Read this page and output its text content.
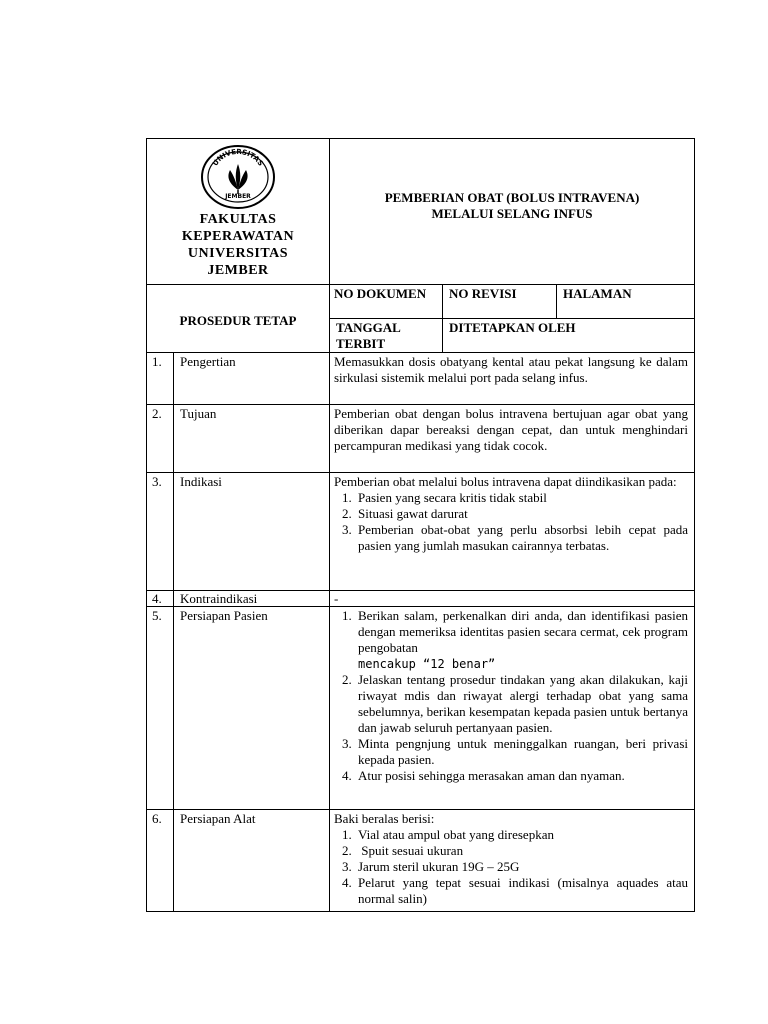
UNIVERSITAS
JEMBER
FAKULTAS
KEPERAWATAN
UNIVERSITAS
JEMBER
PEMBERIAN OBAT (BOLUS INTRAVENA)
MELALUI SELANG INFUS
PROSEDUR TETAP
NO DOKUMEN	NO REVISI	HALAMAN
TANGGAL TERBIT
DITETAPKAN OLEH
1. Pengertian	Memasukkan dosis obatyang kental atau pekat langsung ke dalam sirkulasi sistemik melalui port pada selang infus.
2. Tujuan	Pemberian obat dengan bolus intravena bertujuan agar obat yang diberikan dapar bereaksi dengan cepat, dan untuk menghindari percampuran medikasi yang tidak cocok.
3. Indikasi	Pemberian obat melalui bolus intravena dapat diindikasikan pada:
1. Pasien yang secara kritis tidak stabil
2. Situasi gawat darurat
3. Pemberian obat-obat yang perlu absorbsi lebih cepat pada pasien yang jumlah masukan cairannya terbatas.
4. Kontraindikasi	-
5. Persiapan Pasien	1. Berikan salam, perkenalkan diri anda, dan identifikasi pasien dengan memeriksa identitas pasien secara cermat, cek program pengobatan
mencakup “12 benar”
2. Jelaskan tentang prosedur tindakan yang akan dilakukan, kaji riwayat mdis dan riwayat alergi terhadap obat yang sama sebelumnya, berikan kesempatan kepada pasien untuk bertanya dan jawab seluruh pertanyaan pasien.
3. Minta pengnjung untuk meninggalkan ruangan, beri privasi kepada pasien.
4. Atur posisi sehingga merasakan aman dan nyaman.
6. Persiapan Alat	Baki beralas berisi:
1. Vial atau ampul obat yang diresepkan
2. Spuit sesuai ukuran
3. Jarum steril ukuran 19G – 25G
4. Pelarut yang tepat sesuai indikasi (misalnya aquades atau normal salin)
